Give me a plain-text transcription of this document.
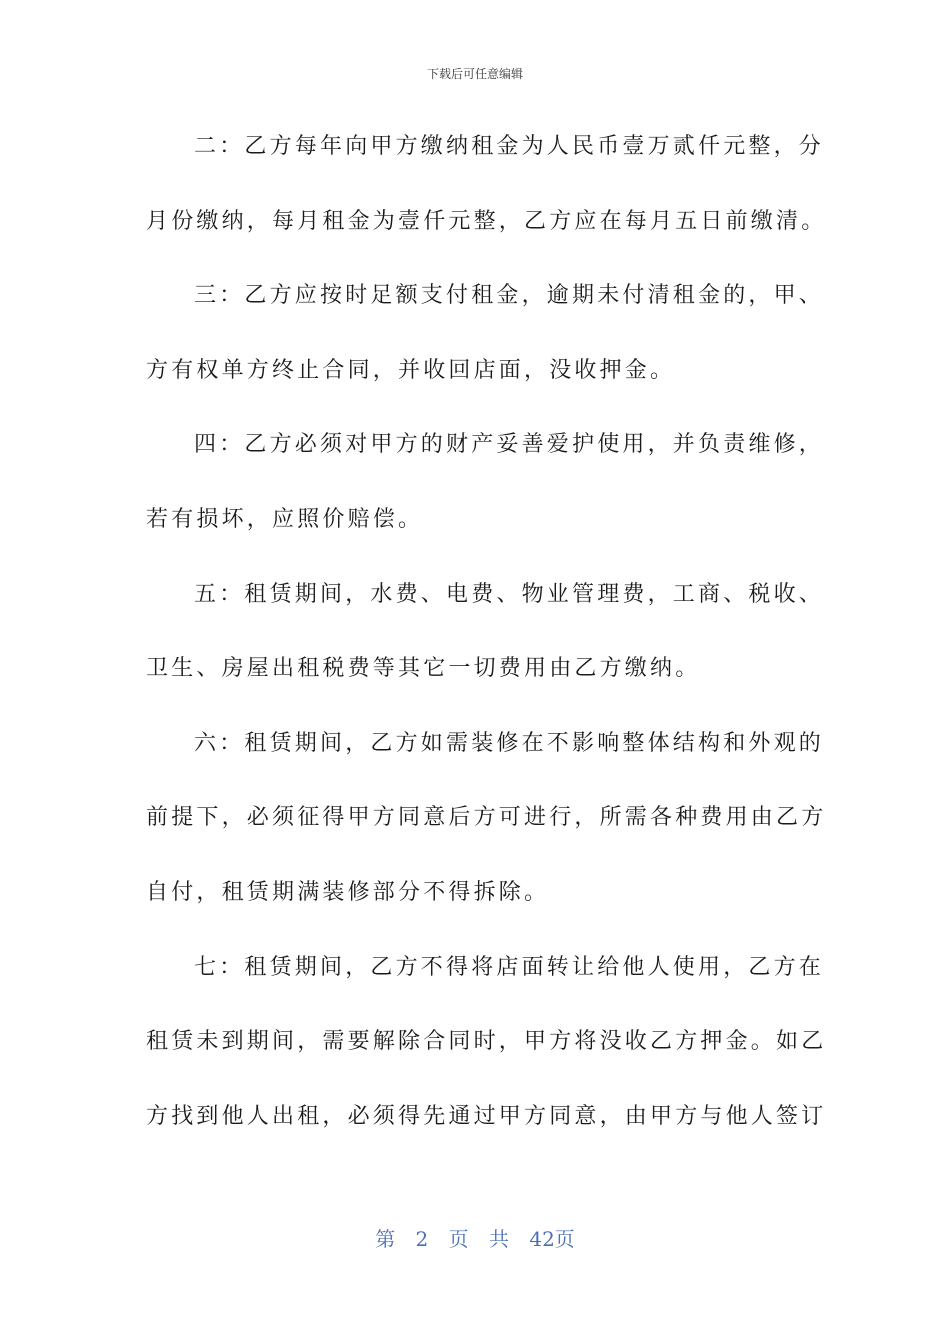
下载后可任意编辑
二：乙方每年向甲方缴纳租金为人民币壹万贰仟元整，分
月份缴纳，每月租金为壹仟元整，乙方应在每月五日前缴清。
三：乙方应按时足额支付租金，逾期未付清租金的，甲、
方有权单方终止合同，并收回店面，没收押金。
四：乙方必须对甲方的财产妥善爱护使用，并负责维修，
若有损坏，应照价赔偿。
五：租赁期间，水费、电费、物业管理费，工商、税收、
卫生、房屋出租税费等其它一切费用由乙方缴纳。
六：租赁期间，乙方如需装修在不影响整体结构和外观的
前提下，必须征得甲方同意后方可进行，所需各种费用由乙方
自付，租赁期满装修部分不得拆除。
七：租赁期间，乙方不得将店面转让给他人使用，乙方在
租赁未到期间，需要解除合同时，甲方将没收乙方押金。如乙
方找到他人出租，必须得先通过甲方同意，由甲方与他人签订
第 2 页 共 42页
